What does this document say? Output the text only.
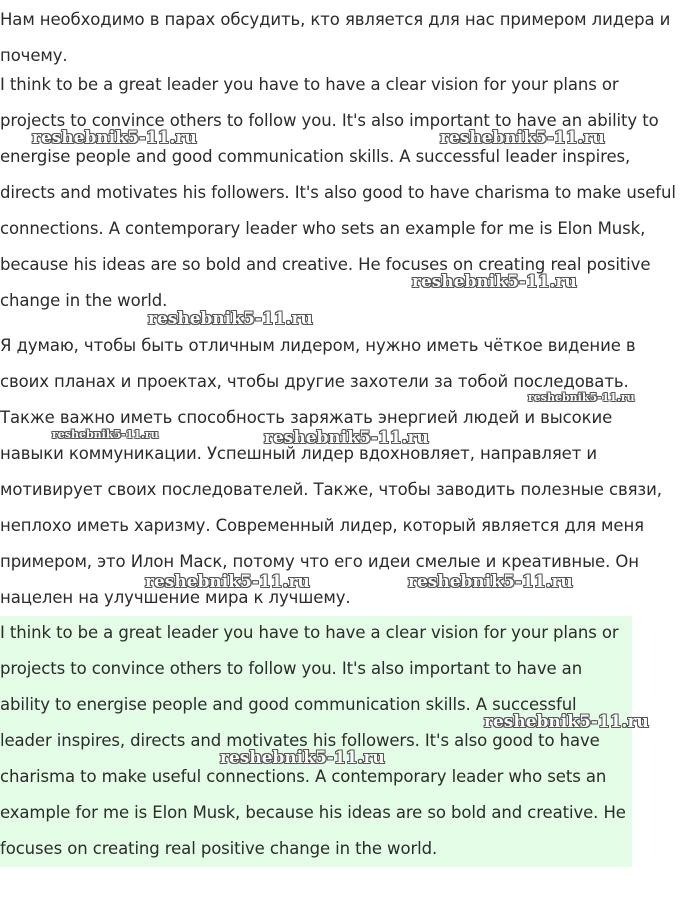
Нам необходимо в парах обсудить, кто является для нас примером лидера и почему.

I think to be a great leader you have to have a clear vision for your plans or projects to convince others to follow you. It's also important to have an ability to energise people and good communication skills. A successful leader inspires, directs and motivates his followers. It's also good to have charisma to make useful connections. A contemporary leader who sets an example for me is Elon Musk, because his ideas are so bold and creative. He focuses on creating real positive change in the world.

Я думаю, чтобы быть отличным лидером, нужно иметь чёткое видение в своих планах и проектах, чтобы другие захотели за тобой последовать. Также важно иметь способность заряжать энергией людей и высокие навыки коммуникации. Успешный лидер вдохновляет, направляет и мотивирует своих последователей. Также, чтобы заводить полезные связи, неплохо иметь харизму. Современный лидер, который является для меня примером, это Илон Маск, потому что его идеи смелые и креативные. Он нацелен на улучшение мира к лучшему.

I think to be a great leader you have to have a clear vision for your plans or projects to convince others to follow you. It's also important to have an ability to energise people and good communication skills. A successful leader inspires, directs and motivates his followers. It's also good to have charisma to make useful connections. A contemporary leader who sets an example for me is Elon Musk, because his ideas are so bold and creative. He focuses on creating real positive change in the world.

reshebnik5-11.ru	reshebnik5-11.ru
reshebnik5-11.ru
reshebnik5-11.ru
reshebnik5-11.ru
reshebnik5-11.ru	reshebnik5-11.ru
reshebnik5-11.ru	reshebnik5-11.ru
reshebnik5-11.ru
reshebnik5-11.ru
